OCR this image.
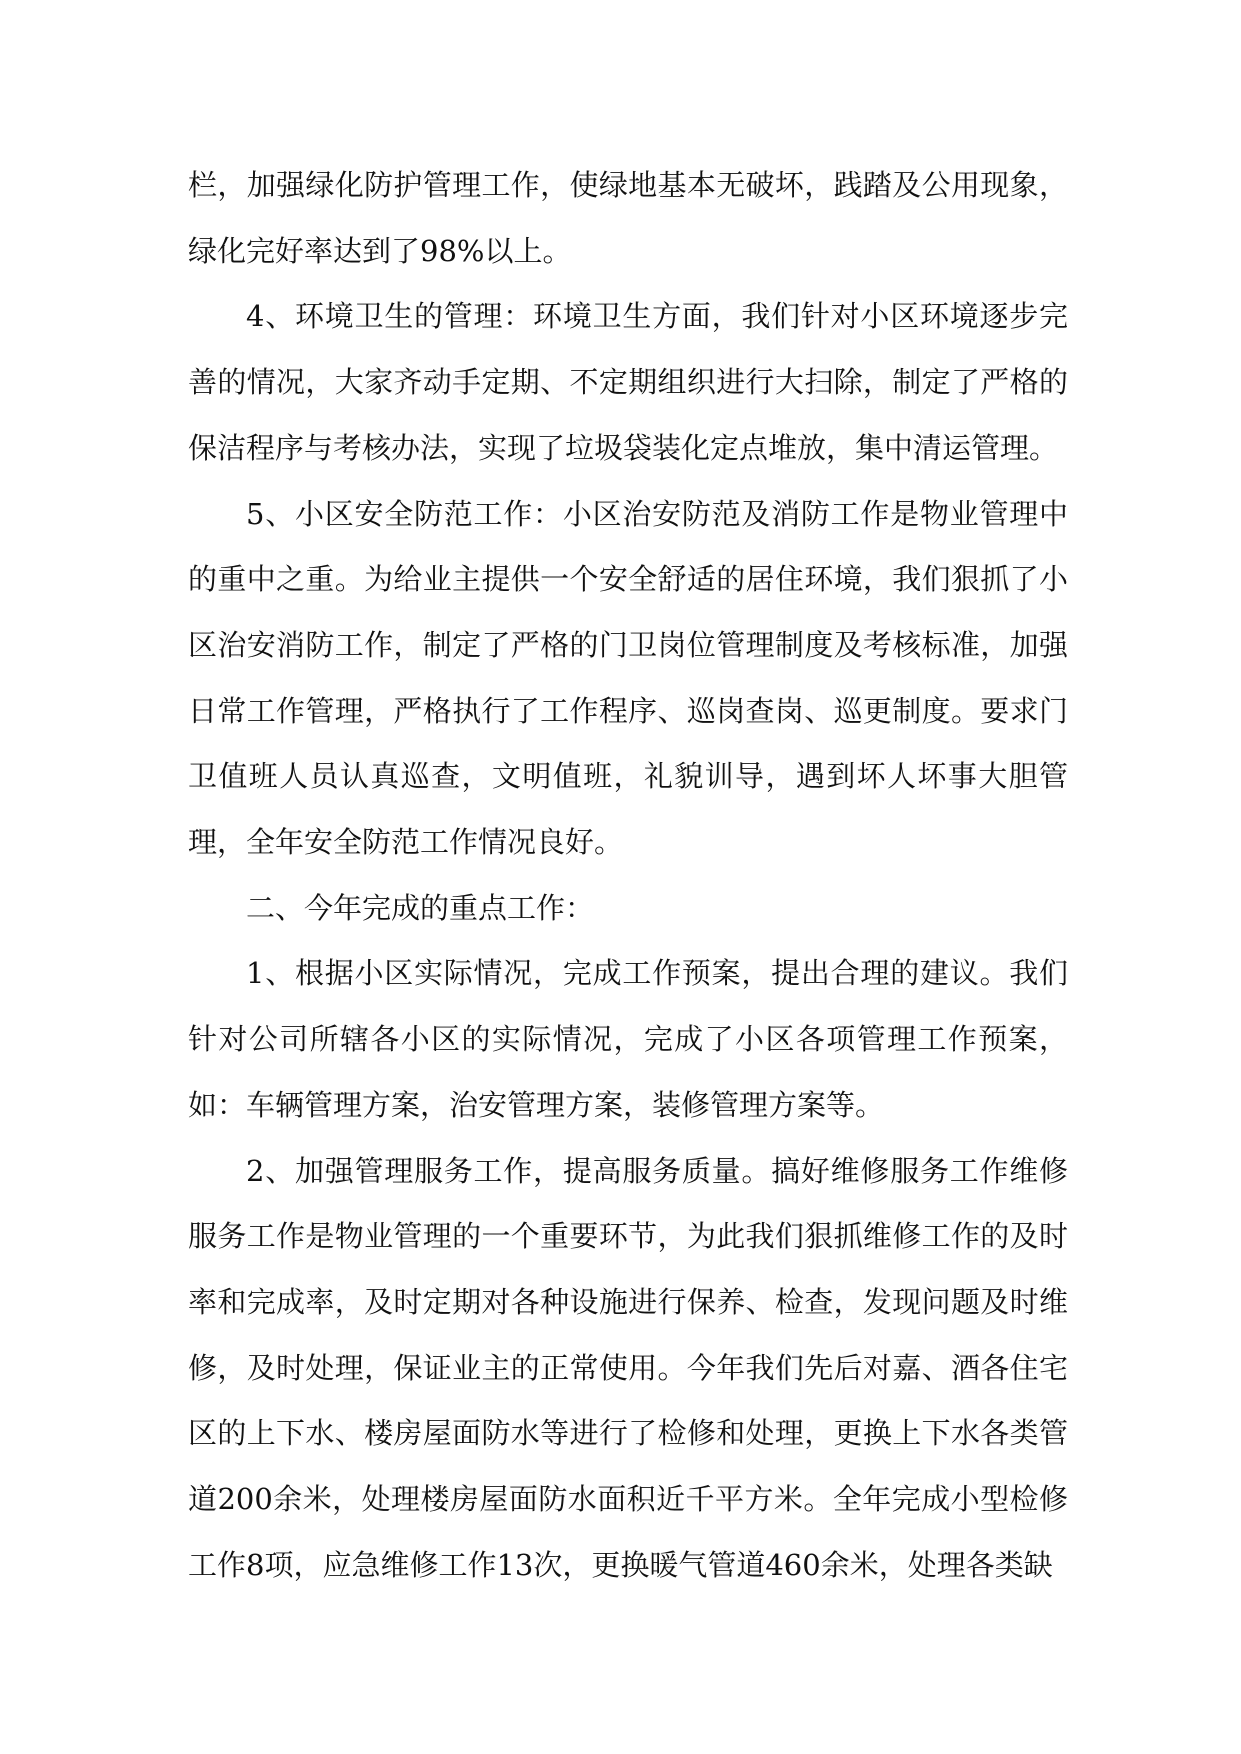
栏，加强绿化防护管理工作，使绿地基本无破坏，践踏及公用现象，绿化完好率达到了98%以上。

4、环境卫生的管理：环境卫生方面，我们针对小区环境逐步完善的情况，大家齐动手定期、不定期组织进行大扫除，制定了严格的保洁程序与考核办法，实现了垃圾袋装化定点堆放，集中清运管理。

5、小区安全防范工作：小区治安防范及消防工作是物业管理中的重中之重。为给业主提供一个安全舒适的居住环境，我们狠抓了小区治安消防工作，制定了严格的门卫岗位管理制度及考核标准，加强日常工作管理，严格执行了工作程序、巡岗查岗、巡更制度。要求门卫值班人员认真巡查，文明值班，礼貌训导，遇到坏人坏事大胆管理，全年安全防范工作情况良好。

二、今年完成的重点工作：

1、根据小区实际情况，完成工作预案，提出合理的建议。我们针对公司所辖各小区的实际情况，完成了小区各项管理工作预案，如：车辆管理方案，治安管理方案，装修管理方案等。

2、加强管理服务工作，提高服务质量。搞好维修服务工作维修服务工作是物业管理的一个重要环节，为此我们狠抓维修工作的及时率和完成率，及时定期对各种设施进行保养、检查，发现问题及时维修，及时处理，保证业主的正常使用。今年我们先后对嘉、酒各住宅区的上下水、楼房屋面防水等进行了检修和处理，更换上下水各类管道200余米，处理楼房屋面防水面积近千平方米。全年完成小型检修工作8项，应急维修工作13次，更换暖气管道460余米，处理各类缺
